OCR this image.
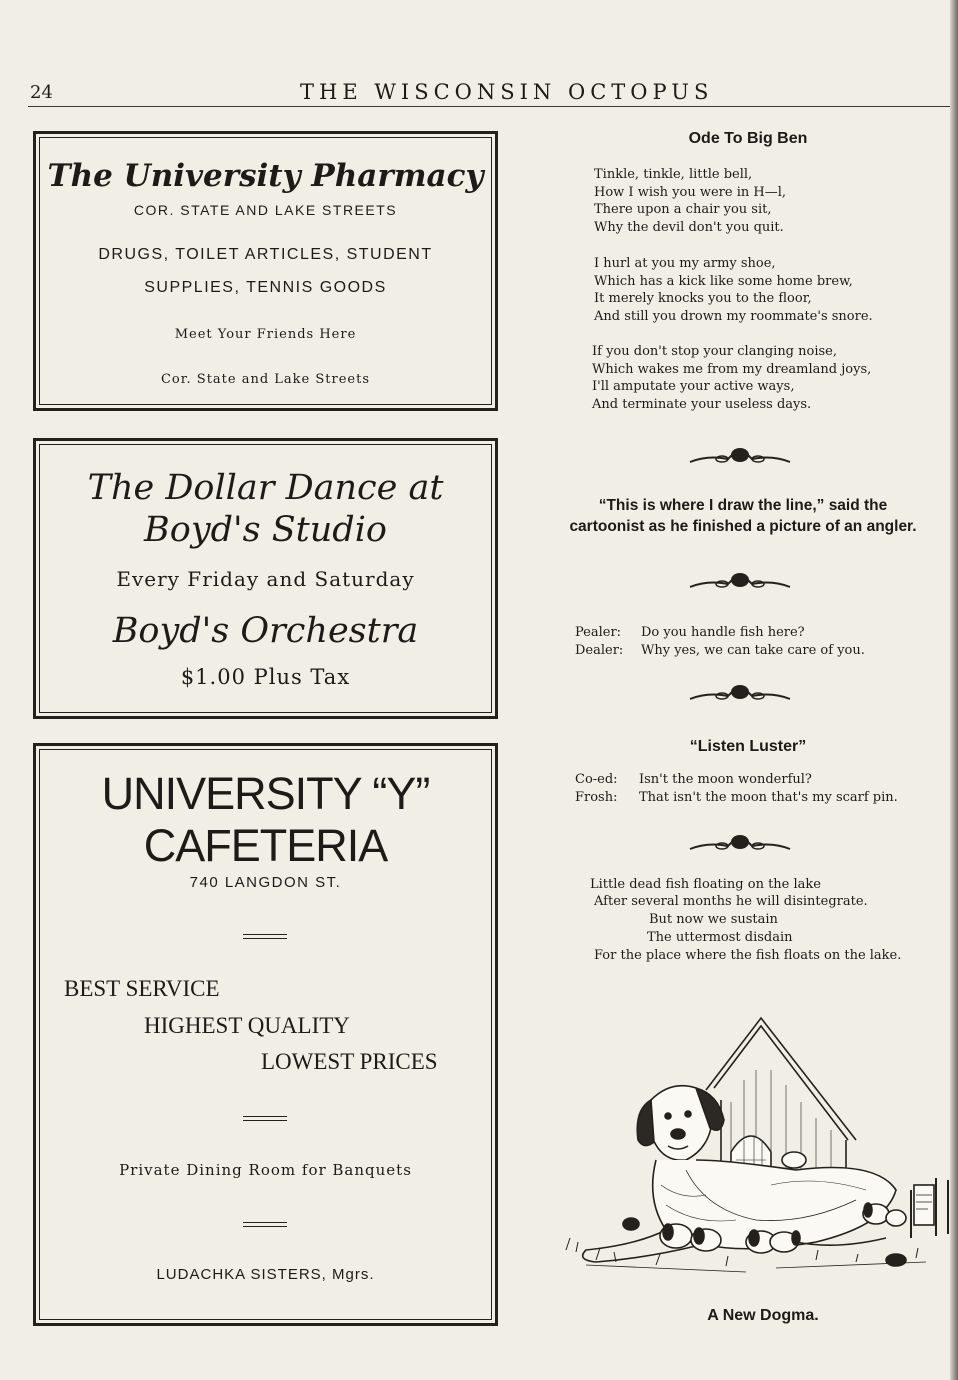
24	THE WISCONSIN OCTOPUS
The University Pharmacy
COR. STATE AND LAKE STREETS
DRUGS, TOILET ARTICLES, STUDENT
SUPPLIES, TENNIS GOODS
Meet Your Friends Here
Cor. State and Lake Streets
The Dollar Dance at
Boyd's Studio
Every Friday and Saturday
Boyd's Orchestra
$1.00 Plus Tax
UNIVERSITY “Y”
CAFETERIA
740 LANGDON ST.
BEST SERVICE
HIGHEST QUALITY
LOWEST PRICES
Private Dining Room for Banquets
LUDACHKA SISTERS, Mgrs.
Ode To Big Ben
Tinkle, tinkle, little bell,
How I wish you were in H—l,
There upon a chair you sit,
Why the devil don't you quit.
I hurl at you my army shoe,
Which has a kick like some home brew,
It merely knocks you to the floor,
And still you drown my roommate's snore.
If you don't stop your clanging noise,
Which wakes me from my dreamland joys,
I'll amputate your active ways,
And terminate your useless days.
“This is where I draw the line,” said the
cartoonist as he finished a picture of an angler.
Pealer: Do you handle fish here?
Dealer: Why yes, we can take care of you.
“Listen Luster”
Co-ed: Isn't the moon wonderful?
Frosh: That isn't the moon that's my scarf pin.
Little dead fish floating on the lake
After several months he will disintegrate.
But now we sustain
The uttermost disdain
For the place where the fish floats on the lake.
A New Dogma.
